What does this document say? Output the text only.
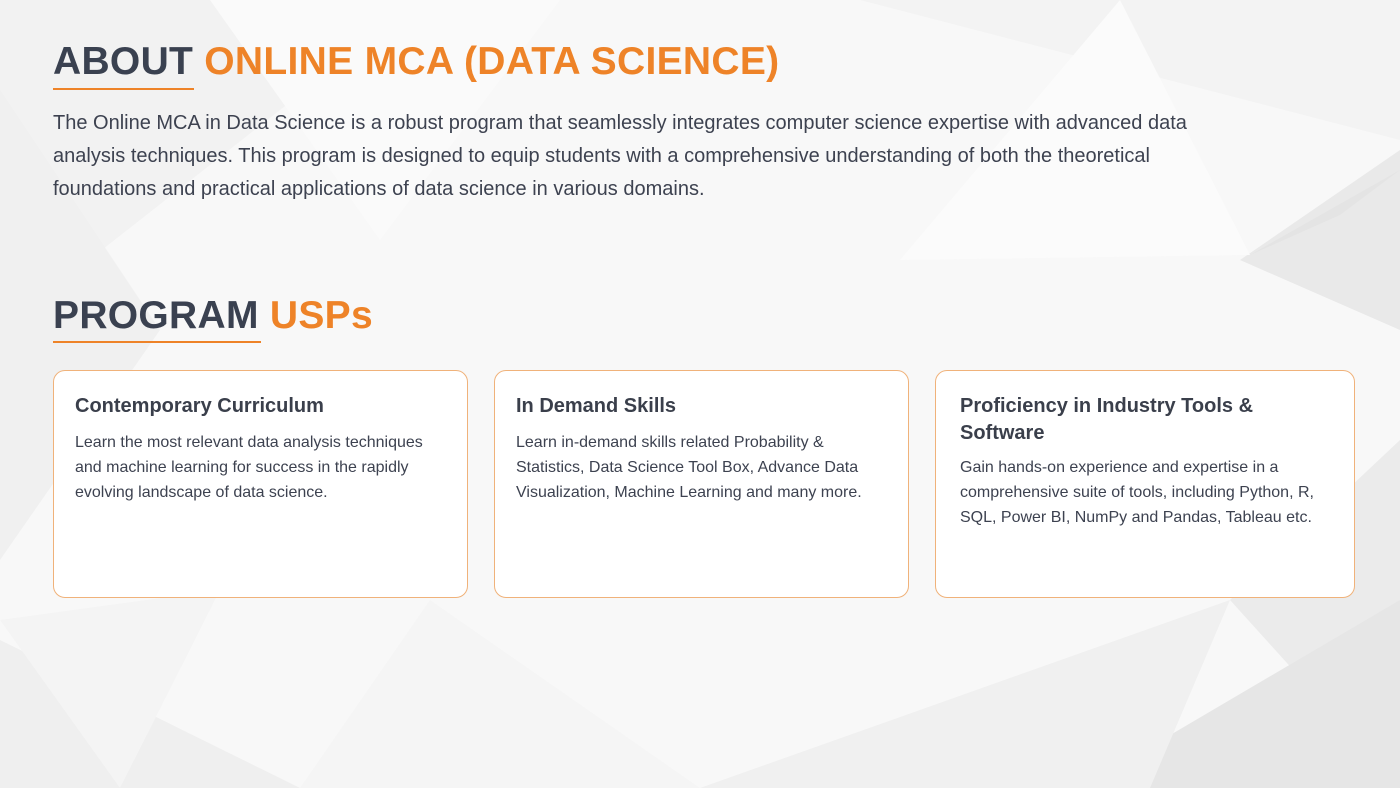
ABOUT ONLINE MCA (DATA SCIENCE)

The Online MCA in Data Science is a robust program that seamlessly integrates computer science expertise with advanced data analysis techniques. This program is designed to equip students with a comprehensive understanding of both the theoretical foundations and practical applications of data science in various domains.

PROGRAM USPs
Contemporary Curriculum

Learn the most relevant data analysis techniques and machine learning for success in the rapidly evolving landscape of data science.

In Demand Skills

Learn in-demand skills related Probability & Statistics, Data Science Tool Box, Advance Data Visualization, Machine Learning and many more.

Proficiency in Industry Tools & Software

Gain hands-on experience and expertise in a comprehensive suite of tools, including Python, R, SQL, Power BI, NumPy and Pandas, Tableau etc.
